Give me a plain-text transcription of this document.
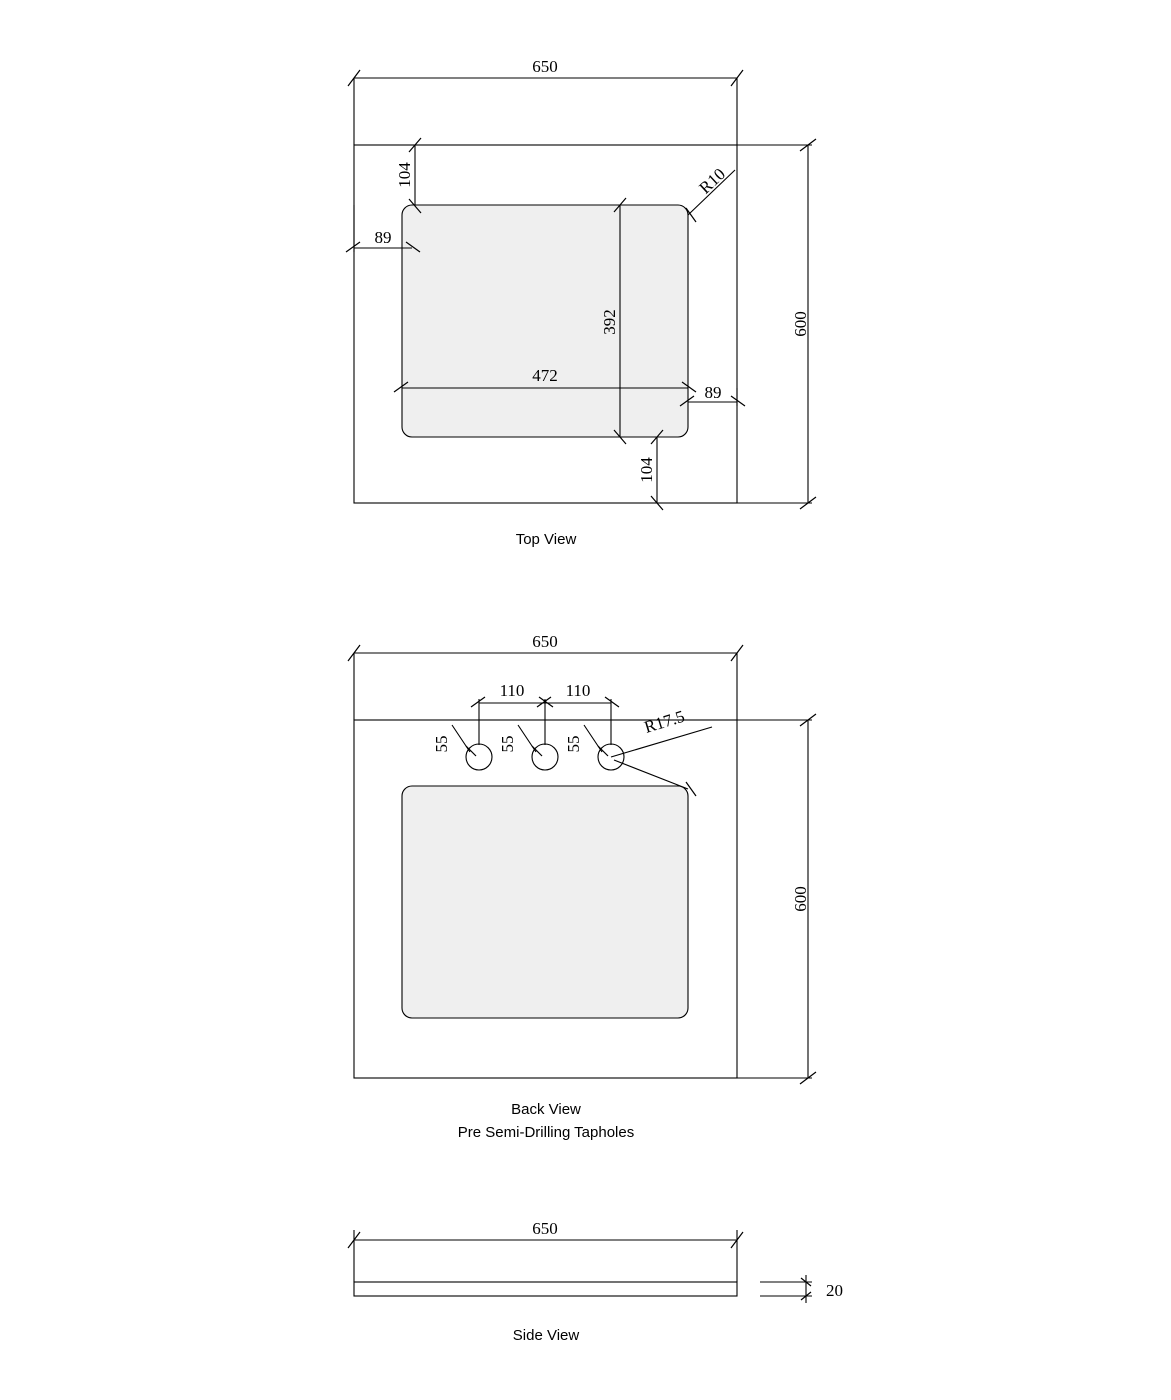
650
600
104
89
392
472
89
104
R10
650
600
110 110
55	55	55
R17.5
650
20
Top View
Back View
Pre Semi-Drilling Tapholes
Side View
